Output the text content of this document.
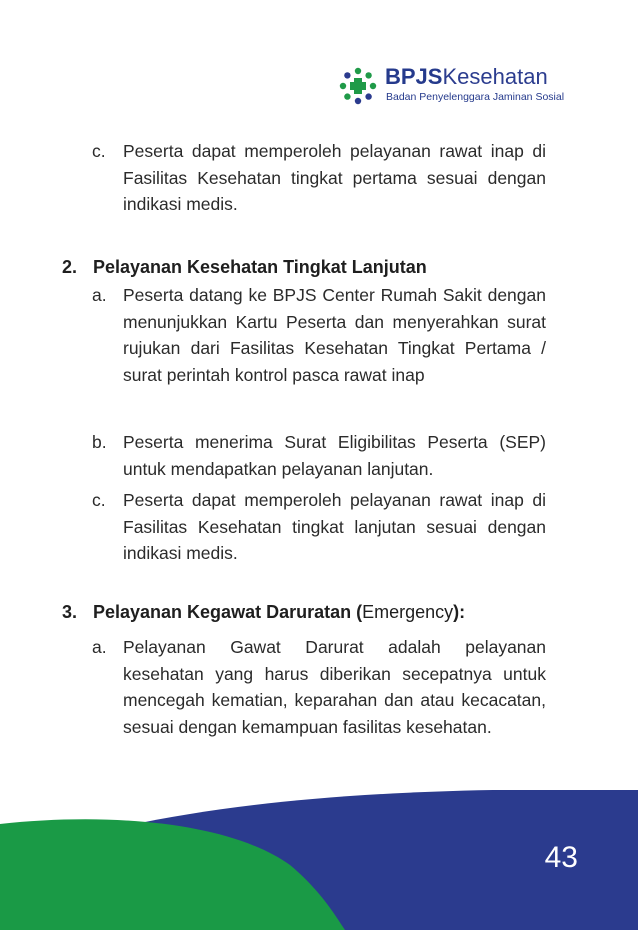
BPJSKesehatan
Badan Penyelenggara Jaminan Sosial
c. Peserta dapat memperoleh pelayanan rawat inap di Fasilitas Kesehatan tingkat pertama sesuai dengan indikasi medis.
2. Pelayanan Kesehatan Tingkat Lanjutan
a. Peserta datang ke BPJS Center Rumah Sakit dengan menunjukkan Kartu Peserta dan menyerahkan surat rujukan dari Fasilitas Kesehatan Tingkat Pertama / surat perintah kontrol pasca rawat inap
b. Peserta menerima Surat Eligibilitas Peserta (SEP) untuk mendapatkan pelayanan lanjutan.
c. Peserta dapat memperoleh pelayanan rawat inap di Fasilitas Kesehatan tingkat lanjutan sesuai dengan indikasi medis.
3. Pelayanan Kegawat Daruratan (Emergency):
a. Pelayanan Gawat Darurat adalah pelayanan kesehatan yang harus diberikan secepatnya untuk mencegah kematian, keparahan dan atau kecacatan, sesuai dengan kemampuan fasilitas kesehatan.
43
